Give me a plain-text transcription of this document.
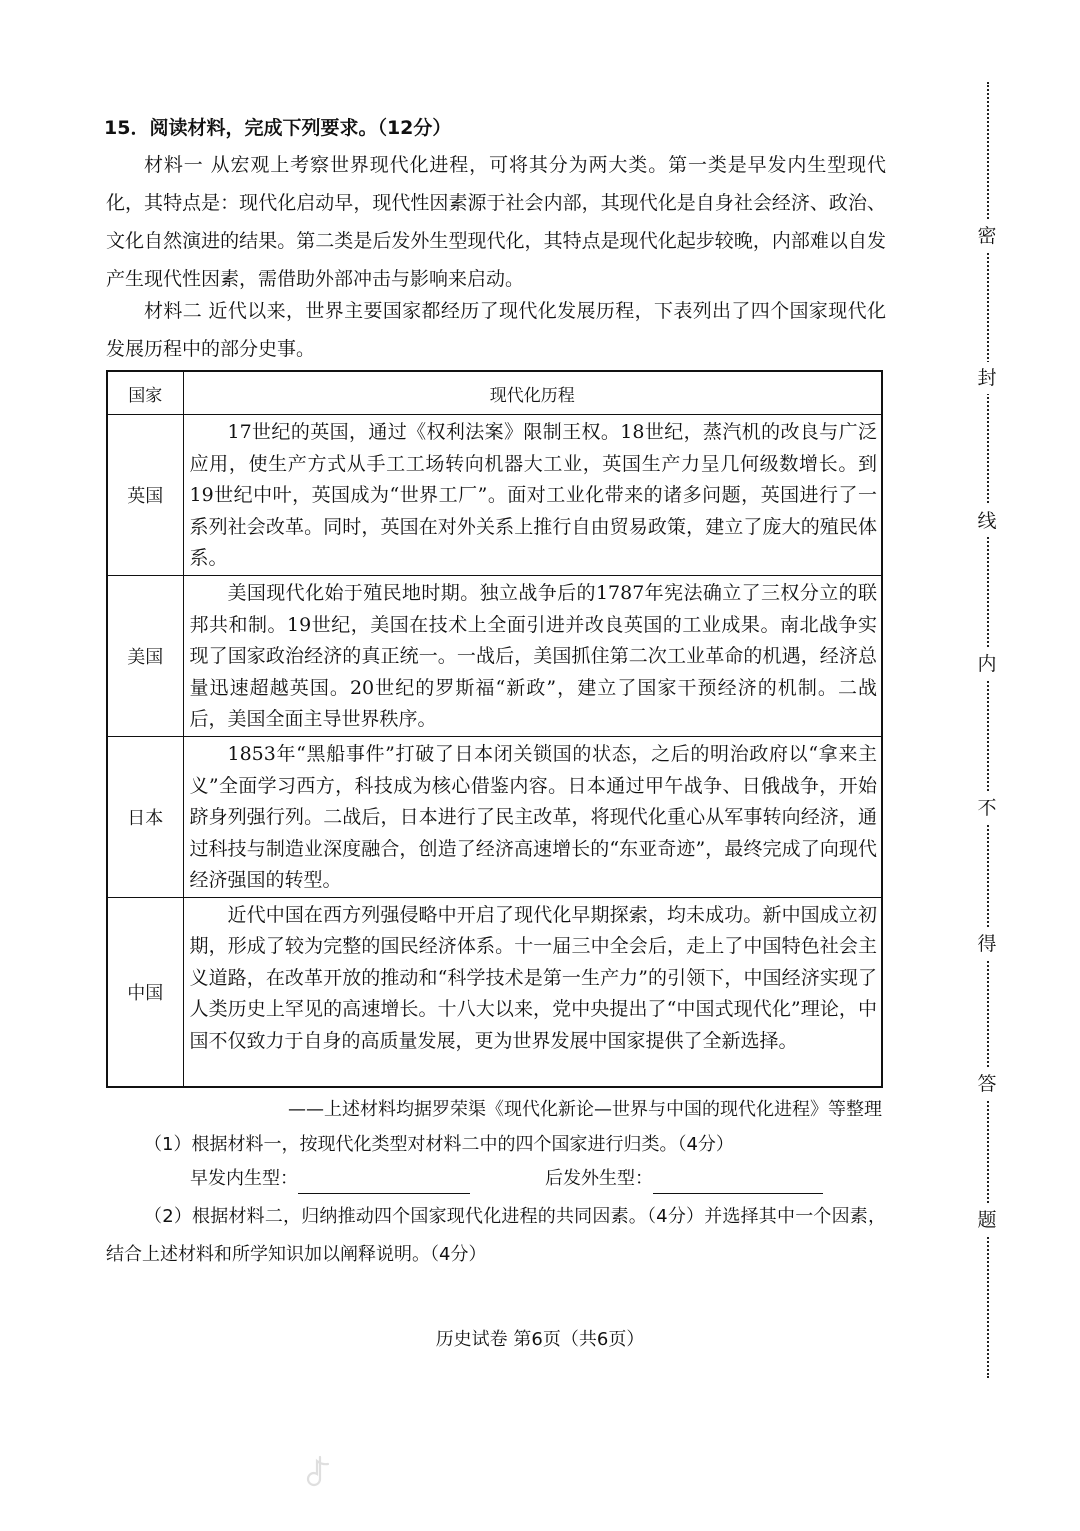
15．阅读材料，完成下列要求。（12分）
材料一 从宏观上考察世界现代化进程，可将其分为两大类。第一类是早发内生型现代化，其特点是：现代化启动早，现代性因素源于社会内部，其现代化是自身社会经济、政治、文化自然演进的结果。第二类是后发外生型现代化，其特点是现代化起步较晚，内部难以自发产生现代性因素，需借助外部冲击与影响来启动。
材料二 近代以来，世界主要国家都经历了现代化发展历程，下表列出了四个国家现代化发展历程中的部分史事。
国家	现代化历程
英国	17世纪的英国，通过《权利法案》限制王权。18世纪，蒸汽机的改良与广泛应用，使生产方式从手工工场转向机器大工业，英国生产力呈几何级数增长。到19世纪中叶，英国成为“世界工厂”。面对工业化带来的诸多问题，英国进行了一系列社会改革。同时，英国在对外关系上推行自由贸易政策，建立了庞大的殖民体系。
美国	美国现代化始于殖民地时期。独立战争后的1787年宪法确立了三权分立的联邦共和制。19世纪，美国在技术上全面引进并改良英国的工业成果。南北战争实现了国家政治经济的真正统一。一战后，美国抓住第二次工业革命的机遇，经济总量迅速超越英国。20世纪的罗斯福“新政”，建立了国家干预经济的机制。二战后，美国全面主导世界秩序。
日本	1853年“黑船事件”打破了日本闭关锁国的状态，之后的明治政府以“拿来主义”全面学习西方，科技成为核心借鉴内容。日本通过甲午战争、日俄战争，开始跻身列强行列。二战后，日本进行了民主改革，将现代化重心从军事转向经济，通过科技与制造业深度融合，创造了经济高速增长的“东亚奇迹”，最终完成了向现代经济强国的转型。
中国	近代中国在西方列强侵略中开启了现代化早期探索，均未成功。新中国成立初期，形成了较为完整的国民经济体系。十一届三中全会后，走上了中国特色社会主义道路，在改革开放的推动和“科学技术是第一生产力”的引领下，中国经济实现了人类历史上罕见的高速增长。十八大以来，党中央提出了“中国式现代化”理论，中国不仅致力于自身的高质量发展，更为世界发展中国家提供了全新选择。
——上述材料均据罗荣渠《现代化新论—世界与中国的现代化进程》等整理
（1）根据材料一，按现代化类型对材料二中的四个国家进行归类。（4分）
早发内生型：	后发外生型：
（2）根据材料二，归纳推动四个国家现代化进程的共同因素。（4分）并选择其中一个因素，结合上述材料和所学知识加以阐释说明。（4分）
历史试卷 第6页（共6页）
密
封
线
内
不
得
答
题
